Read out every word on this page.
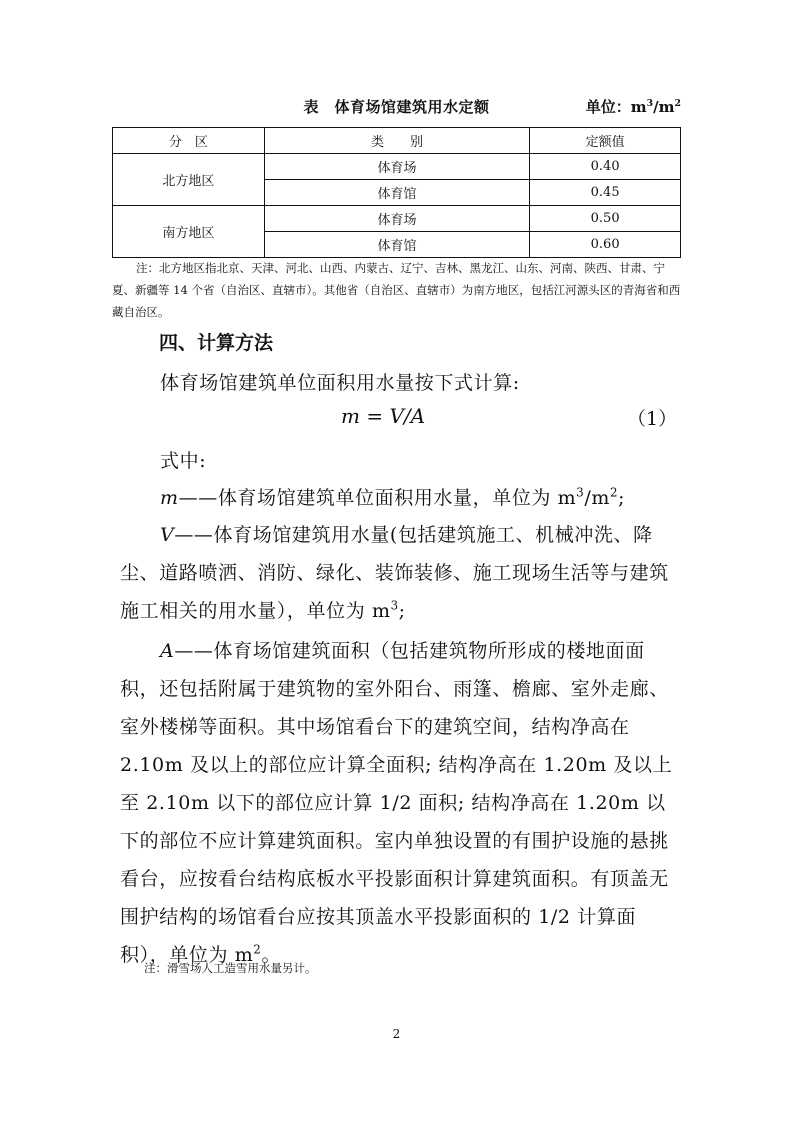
表　体育场馆建筑用水定额	单位：$m^3/m^2$
分　区	类　　别	定额值
北方地区	体育场	0.40
	体育馆	0.45
南方地区	体育场	0.50
	体育馆	0.60
注：北方地区指北京、天津、河北、山西、内蒙古、辽宁、吉林、黑龙江、山东、河南、陕西、甘肃、宁夏、新疆等 14 个省（自治区、直辖市）。其他省（自治区、直辖市）为南方地区，包括江河源头区的青海省和西藏自治区。
四、计算方法
体育场馆建筑单位面积用水量按下式计算:
m = V/A	（1）
式中:
m——体育场馆建筑单位面积用水量，单位为 $m^3/m^2$;
V——体育场馆建筑用水量(包括建筑施工、机械冲洗、降尘、道路喷洒、消防、绿化、装饰装修、施工现场生活等与建筑施工相关的用水量），单位为 $m^3$;
A——体育场馆建筑面积（包括建筑物所形成的楼地面面积，还包括附属于建筑物的室外阳台、雨篷、檐廊、室外走廊、室外楼梯等面积。其中场馆看台下的建筑空间，结构净高在 2.10m 及以上的部位应计算全面积; 结构净高在 1.20m 及以上至 2.10m 以下的部位应计算 1/2 面积; 结构净高在 1.20m 以下的部位不应计算建筑面积。室内单独设置的有围护设施的悬挑看台，应按看台结构底板水平投影面积计算建筑面积。有顶盖无围护结构的场馆看台应按其顶盖水平投影面积的 1/2 计算面积），单位为 $m^2$。
注：滑雪场人工造雪用水量另计。
2
